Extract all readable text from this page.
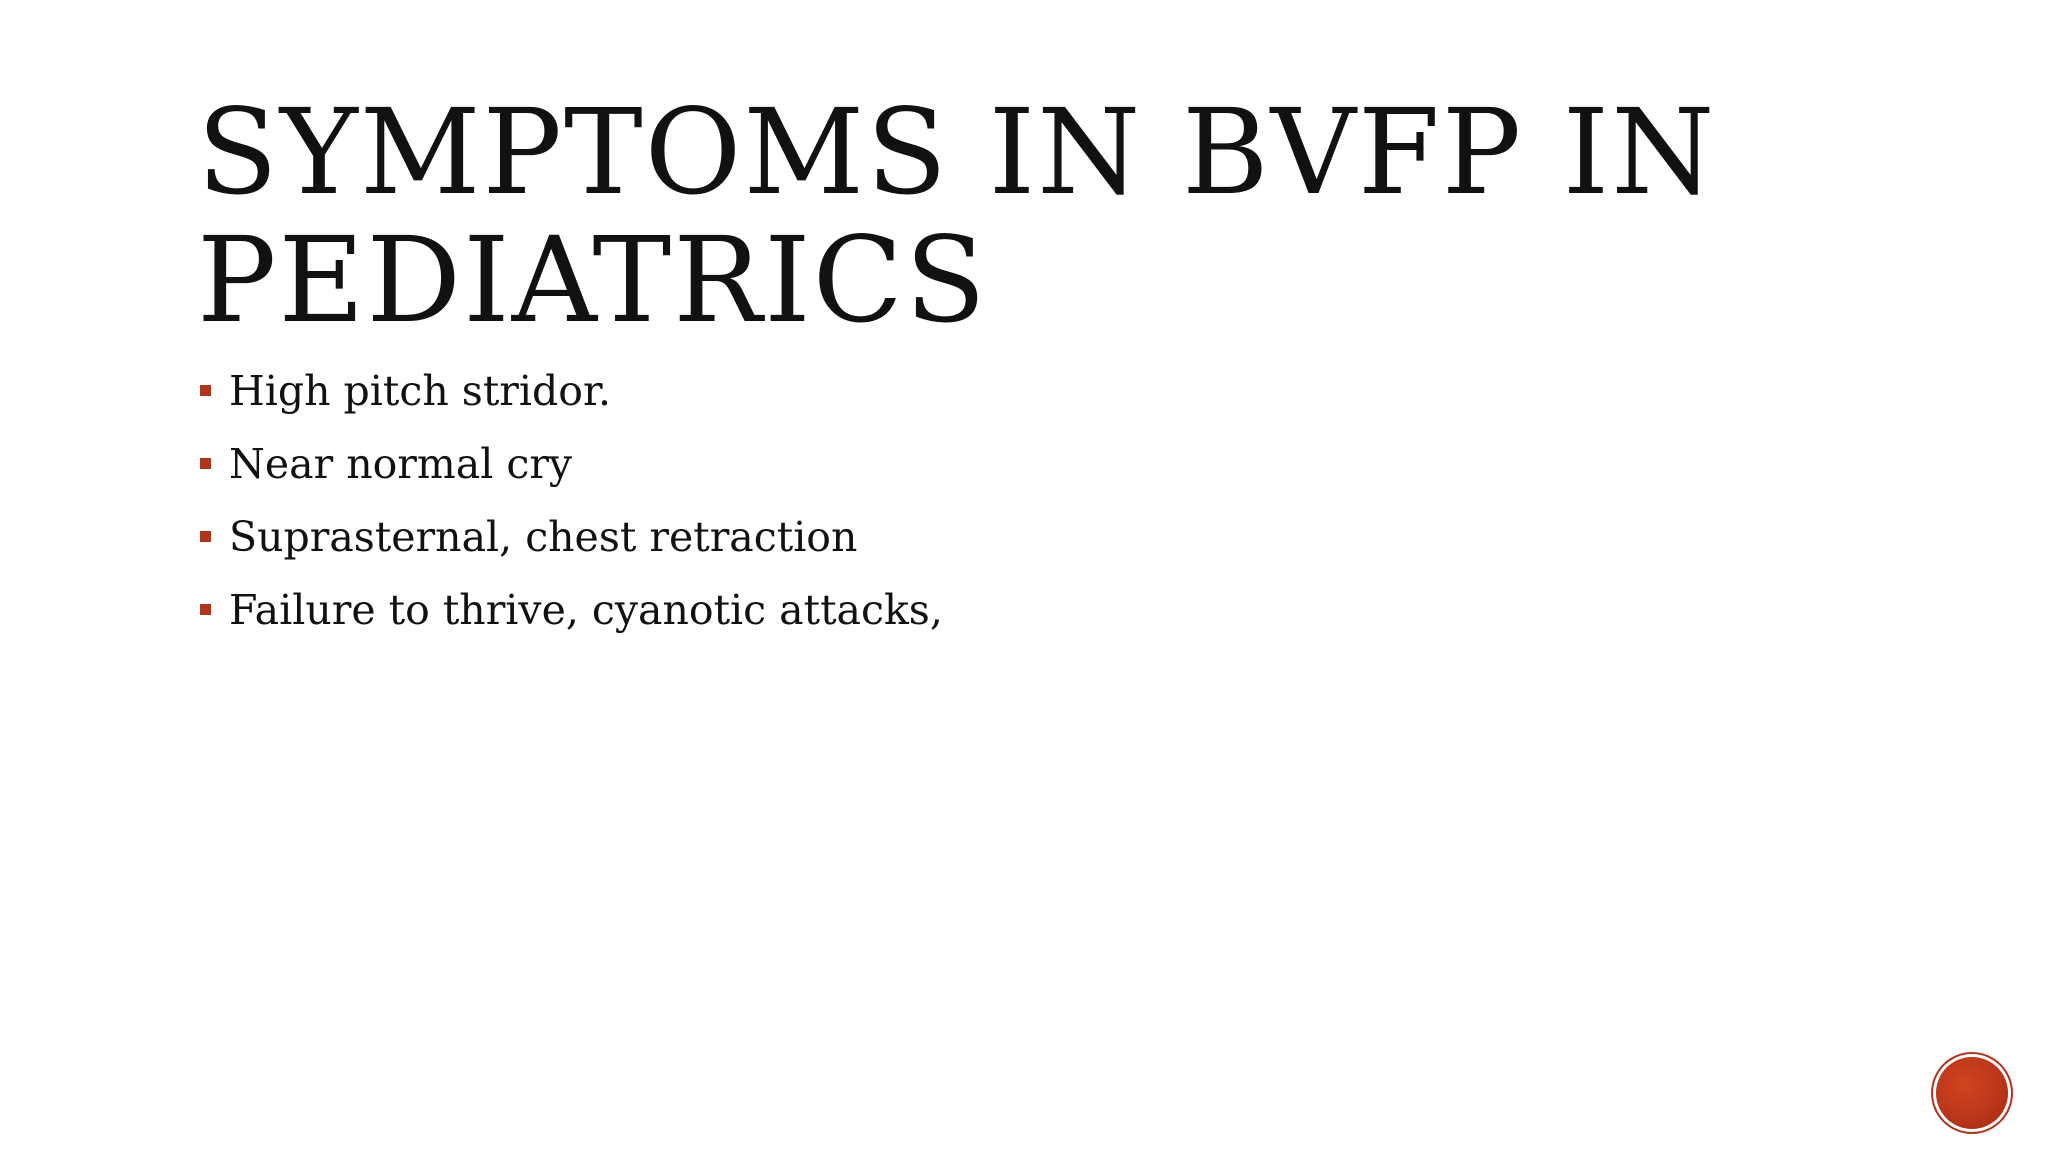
SYMPTOMS IN BVFP IN
PEDIATRICS
High pitch stridor.
Near normal cry
Suprasternal, chest retraction
Failure to thrive, cyanotic attacks,
